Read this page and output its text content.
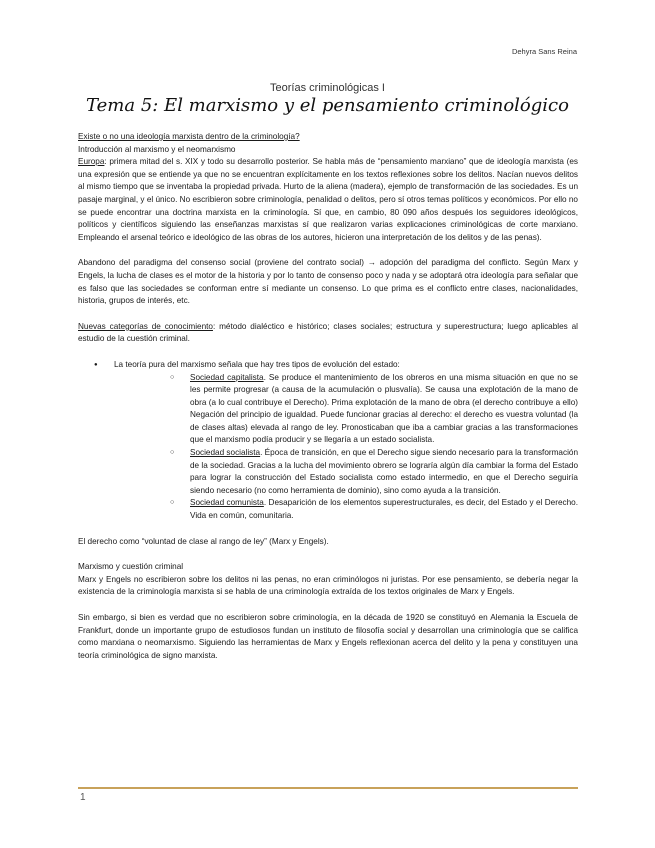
Dehyra Sans Reina
Teorías criminológicas I
Tema 5: El marxismo y el pensamiento criminológico

Existe o no una ideología marxista dentro de la criminología?

Introducción al marxismo y el neomarxismo

Europa: primera mitad del s. XIX y todo su desarrollo posterior. Se habla más de “pensamiento marxiano” que de ideología marxista (es una expresión que se entiende ya que no se encuentran explícitamente en los textos reflexiones sobre los delitos. Nacían nuevos delitos al mismo tiempo que se inventaba la propiedad privada. Hurto de la aliena (madera), ejemplo de transformación de las sociedades. Es un pasaje marginal, y el único. No escribieron sobre criminología, penalidad o delitos, pero sí otros temas políticos y económicos. Por ello no se puede encontrar una doctrina marxista en la criminología. Sí que, en cambio, 80 090 años después los seguidores ideológicos, políticos y científicos siguiendo las enseñanzas marxistas sí que realizaron varias explicaciones criminológicas de corte marxiano. Empleando el arsenal teórico e ideológico de las obras de los autores, hicieron una interpretación de los delitos y de las penas).

Abandono del paradigma del consenso social (proviene del contrato social) → adopción del paradigma del conflicto. Según Marx y Engels, la lucha de clases es el motor de la historia y por lo tanto de consenso poco y nada y se adoptará otra ideología para señalar que es falso que las sociedades se conforman entre sí mediante un consenso. Lo que prima es el conflicto entre clases, nacionalidades, historia, grupos de interés, etc.

Nuevas categorías de conocimiento: método dialéctico e histórico; clases sociales; estructura y superestructura; luego aplicables al estudio de la cuestión criminal.

● La teoría pura del marxismo señala que hay tres tipos de evolución del estado:
○ Sociedad capitalista. Se produce el mantenimiento de los obreros en una misma situación en que no se les permite progresar (a causa de la acumulación o plusvalía). Se causa una explotación de la mano de obra (a lo cual contribuye el Derecho). Prima explotación de la mano de obra (el derecho contribuye a ello) Negación del principio de igualdad. Puede funcionar gracias al derecho: el derecho es vuestra voluntad (la de clases altas) elevada al rango de ley. Pronosticaban que iba a cambiar gracias a las transformaciones que el marxismo podía producir y se llegaría a un estado socialista.
○ Sociedad socialista. Época de transición, en que el Derecho sigue siendo necesario para la transformación de la sociedad. Gracias a la lucha del movimiento obrero se lograría algún día cambiar la forma del Estado para lograr la construcción del Estado socialista como estado intermedio, en que el Derecho seguiría siendo necesario (no como herramienta de dominio), sino como ayuda a la transición.
○ Sociedad comunista. Desaparición de los elementos superestructurales, es decir, del Estado y el Derecho. Vida en común, comunitaria.

El derecho como “voluntad de clase al rango de ley” (Marx y Engels).

Marxismo y cuestión criminal

Marx y Engels no escribieron sobre los delitos ni las penas, no eran criminólogos ni juristas. Por ese pensamiento, se debería negar la existencia de la criminología marxista si se habla de una criminología extraída de los textos originales de Marx y Engels.

Sin embargo, si bien es verdad que no escribieron sobre criminología, en la década de 1920 se constituyó en Alemania la Escuela de Frankfurt, donde un importante grupo de estudiosos fundan un instituto de filosofía social y desarrollan una criminología que se califica como marxiana o neomarxismo. Siguiendo las herramientas de Marx y Engels reflexionan acerca del delito y la pena y constituyen una teoría criminológica de signo marxista.

1
